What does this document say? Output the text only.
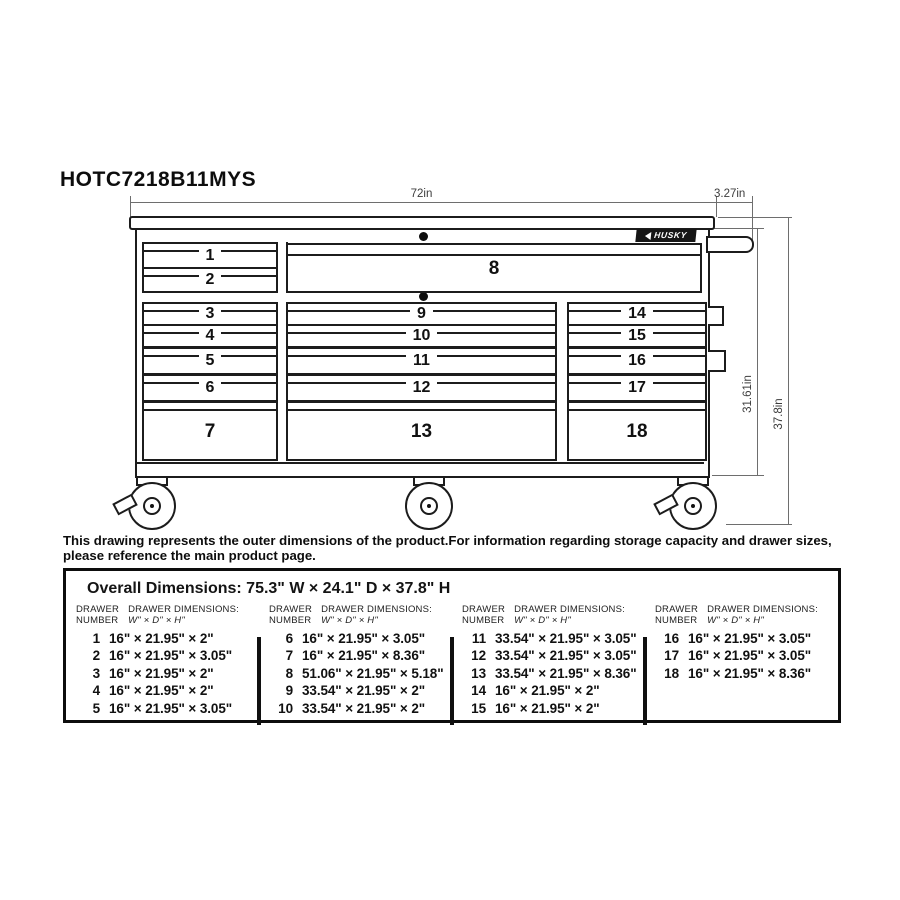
HOTC7218B11MYS
72in	3.27in
31.61in
37.8in
HUSKY
1
2
8
3
4
5
6
7
9
10
11
12
13
14
15
16
17
18
This drawing represents the outer dimensions of the product.For information regarding storage capacity and drawer sizes,
please reference the main product page.
Overall Dimensions: 75.3" W × 24.1" D × 37.8" H
DRAWER
NUMBER
DRAWER DIMENSIONS:
W" × D" × H"
1 16" × 21.95" × 2"
2 16" × 21.95" × 3.05"
3 16" × 21.95" × 2"
4 16" × 21.95" × 2"
5 16" × 21.95" × 3.05"
DRAWER
NUMBER
DRAWER DIMENSIONS:
W" × D" × H"
6 16" × 21.95" × 3.05"
7 16" × 21.95" × 8.36"
8 51.06" × 21.95" × 5.18"
9 33.54" × 21.95" × 2"
10 33.54" × 21.95" × 2"
DRAWER
NUMBER
DRAWER DIMENSIONS:
W" × D" × H"
11 33.54" × 21.95" × 3.05"
12 33.54" × 21.95" × 3.05"
13 33.54" × 21.95" × 8.36"
14 16" × 21.95" × 2"
15 16" × 21.95" × 2"
DRAWER
NUMBER
DRAWER DIMENSIONS:
W" × D" × H"
16 16" × 21.95" × 3.05"
17 16" × 21.95" × 3.05"
18 16" × 21.95" × 8.36"
